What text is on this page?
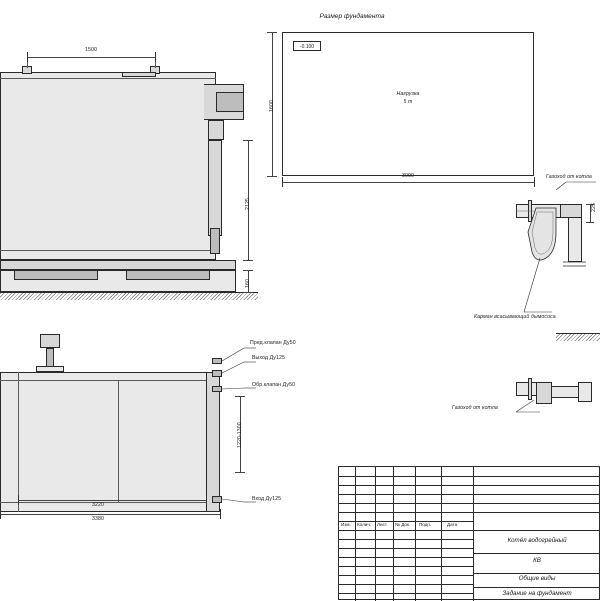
Размер фундамента
-0.100
Нагрузка
5 т
3000
1600
1500
2125
160
Пред.клапан Ду50
Выход Ду125
Обр.клапан Ду50
Вход Ду125
1220-1300
3220
3380
Газоход от котла
225
Карман всасывающий дымососа
Газоход от котла
Изм. Колич. Лист № Док. Подп.	Дата
Котёл водогрейный
КВ
Общие виды
Задание на фундамент
